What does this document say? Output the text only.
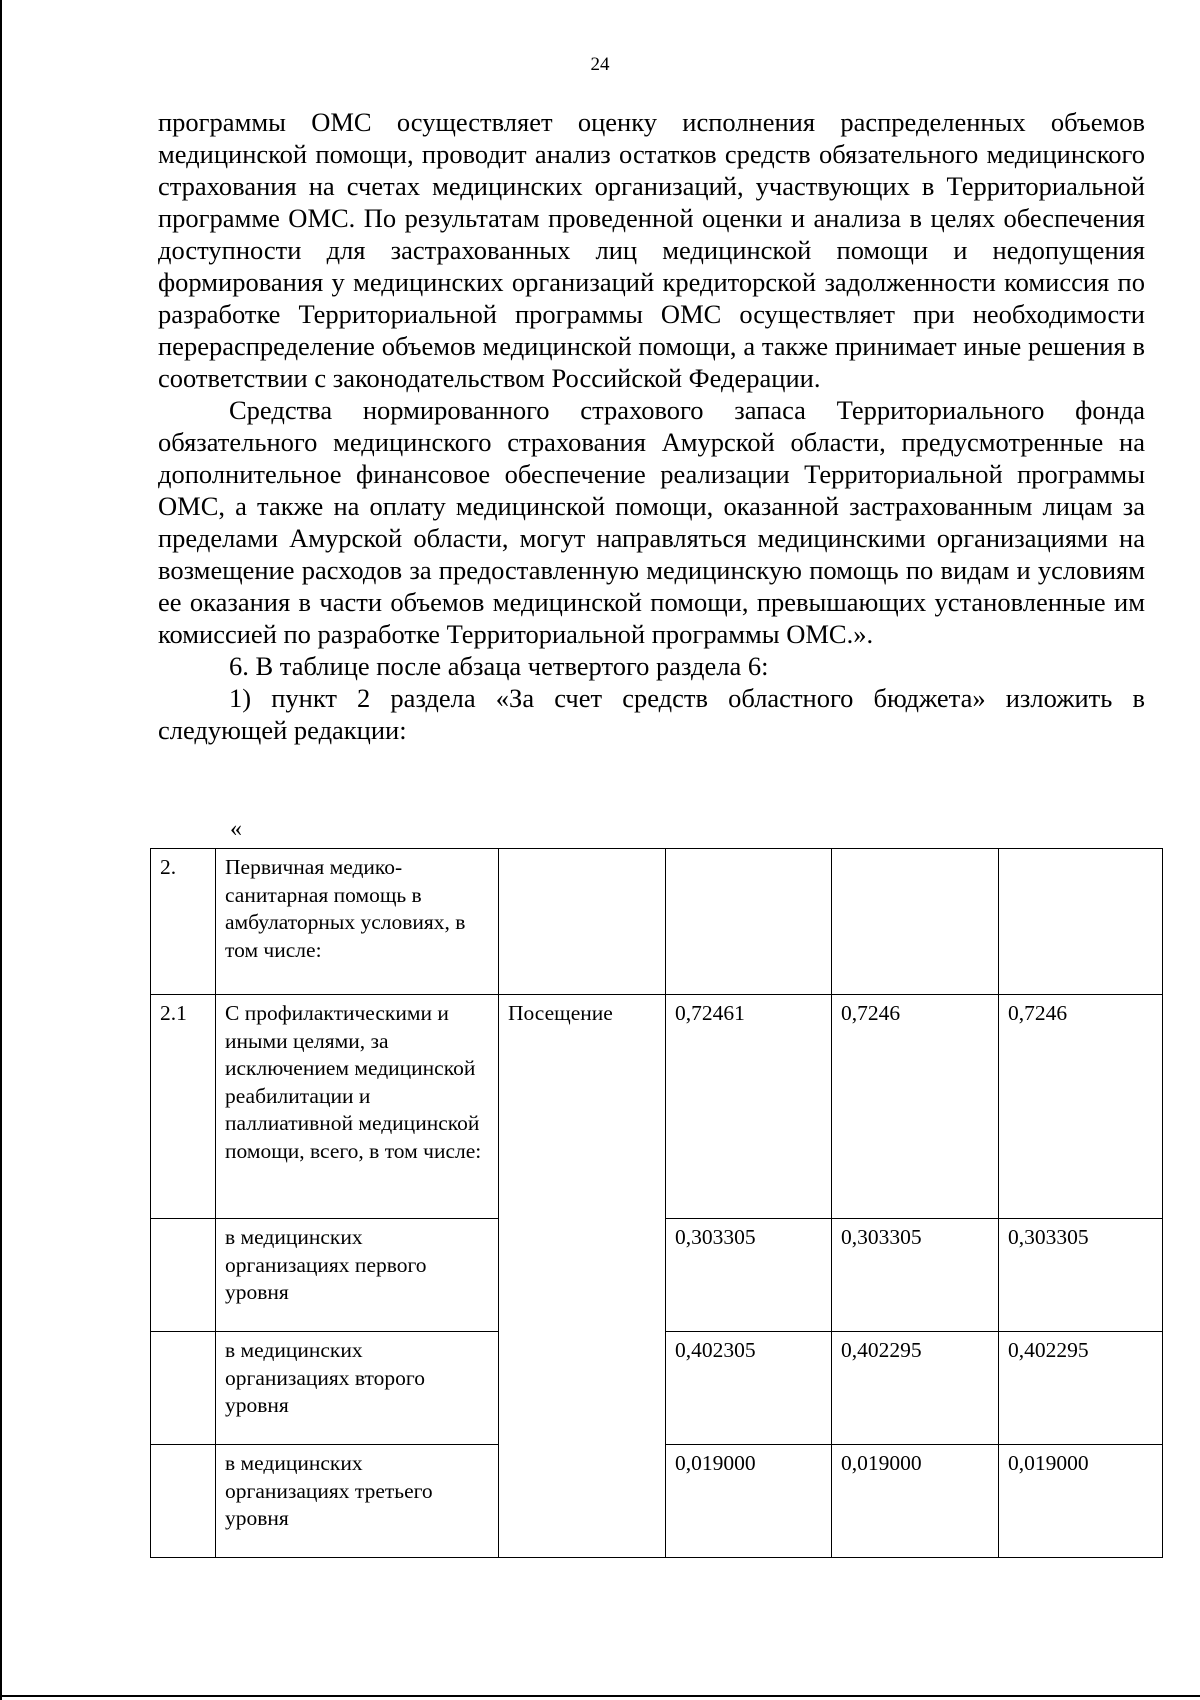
24

программы ОМС осуществляет оценку исполнения распределенных объемов медицинской помощи, проводит анализ остатков средств обязательного медицинского страхования на счетах медицинских организаций, участвующих в Территориальной программе ОМС. По результатам проведенной оценки и анализа в целях обеспечения доступности для застрахованных лиц медицинской помощи и недопущения формирования у медицинских организаций кредиторской задолженности комиссия по разработке Территориальной программы ОМС осуществляет при необходимости перераспределение объемов медицинской помощи, а также принимает иные решения в соответствии с законодательством Российской Федерации.

Средства нормированного страхового запаса Территориального фонда обязательного медицинского страхования Амурской области, предусмотренные на дополнительное финансовое обеспечение реализации Территориальной программы ОМС, а также на оплату медицинской помощи, оказанной застрахованным лицам за пределами Амурской области, могут направляться медицинскими организациями на возмещение расходов за предоставленную медицинскую помощь по видам и условиям ее оказания в части объемов медицинской помощи, превышающих установленные им комиссией по разработке Территориальной программы ОМС.».

6. В таблице после абзаца четвертого раздела 6:

1) пункт 2 раздела «За счет средств областного бюджета» изложить в следующей редакции:

«
2.	Первичная медико-санитарная помощь в амбулаторных условиях, в том числе:				
2.1	С профилактическими и иными целями, за исключением медицинской реабилитации и паллиативной медицинской помощи, всего, в том числе:	Посещение	0,72461	0,7246	0,7246
	в медицинских организациях первого уровня		0,303305	0,303305	0,303305
	в медицинских организациях второго уровня		0,402305	0,402295	0,402295
	в медицинских организациях третьего уровня		0,019000	0,019000	0,019000
